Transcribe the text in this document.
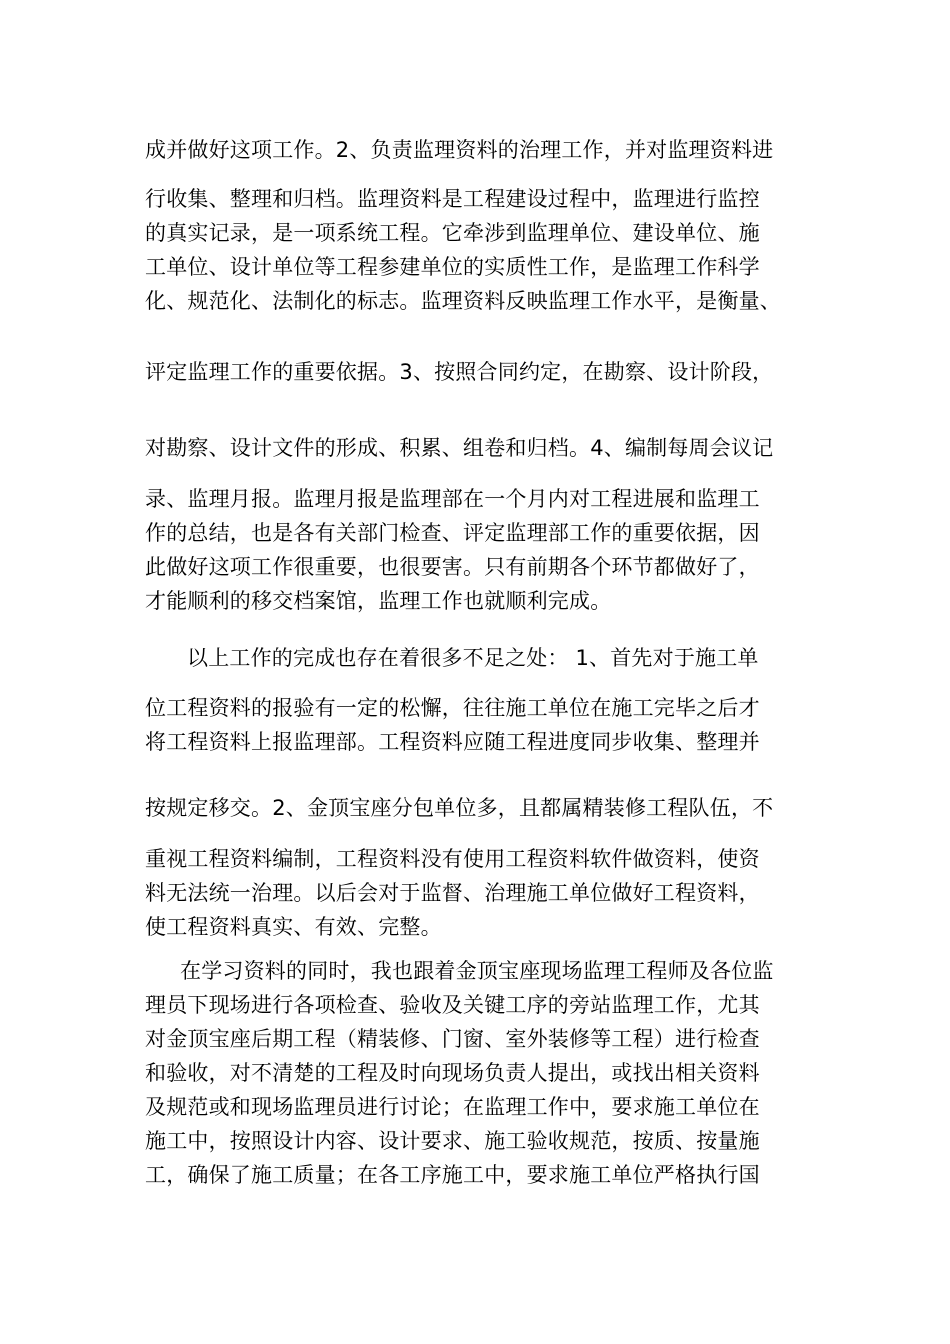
成并做好这项工作。2、负责监理资料的治理工作，并对监理资料进
行收集、整理和归档。监理资料是工程建设过程中，监理进行监控
的真实记录，是一项系统工程。它牵涉到监理单位、建设单位、施
工单位、设计单位等工程参建单位的实质性工作，是监理工作科学
化、规范化、法制化的标志。监理资料反映监理工作水平，是衡量、
评定监理工作的重要依据。3、按照合同约定，在勘察、设计阶段，
对勘察、设计文件的形成、积累、组卷和归档。4、编制每周会议记
录、监理月报。监理月报是监理部在一个月内对工程进展和监理工
作的总结，也是各有关部门检查、评定监理部工作的重要依据，因
此做好这项工作很重要，也很要害。只有前期各个环节都做好了，
才能顺利的移交档案馆，监理工作也就顺利完成。
以上工作的完成也存在着很多不足之处： 1、首先对于施工单
位工程资料的报验有一定的松懈，往往施工单位在施工完毕之后才
将工程资料上报监理部。工程资料应随工程进度同步收集、整理并
按规定移交。2、金顶宝座分包单位多，且都属精装修工程队伍，不
重视工程资料编制，工程资料没有使用工程资料软件做资料，使资
料无法统一治理。以后会对于监督、治理施工单位做好工程资料，
使工程资料真实、有效、完整。
在学习资料的同时，我也跟着金顶宝座现场监理工程师及各位监
理员下现场进行各项检查、验收及关键工序的旁站监理工作，尤其
对金顶宝座后期工程（精装修、门窗、室外装修等工程）进行检查
和验收，对不清楚的工程及时向现场负责人提出，或找出相关资料
及规范或和现场监理员进行讨论；在监理工作中，要求施工单位在
施工中，按照设计内容、设计要求、施工验收规范，按质、按量施
工，确保了施工质量；在各工序施工中，要求施工单位严格执行国
